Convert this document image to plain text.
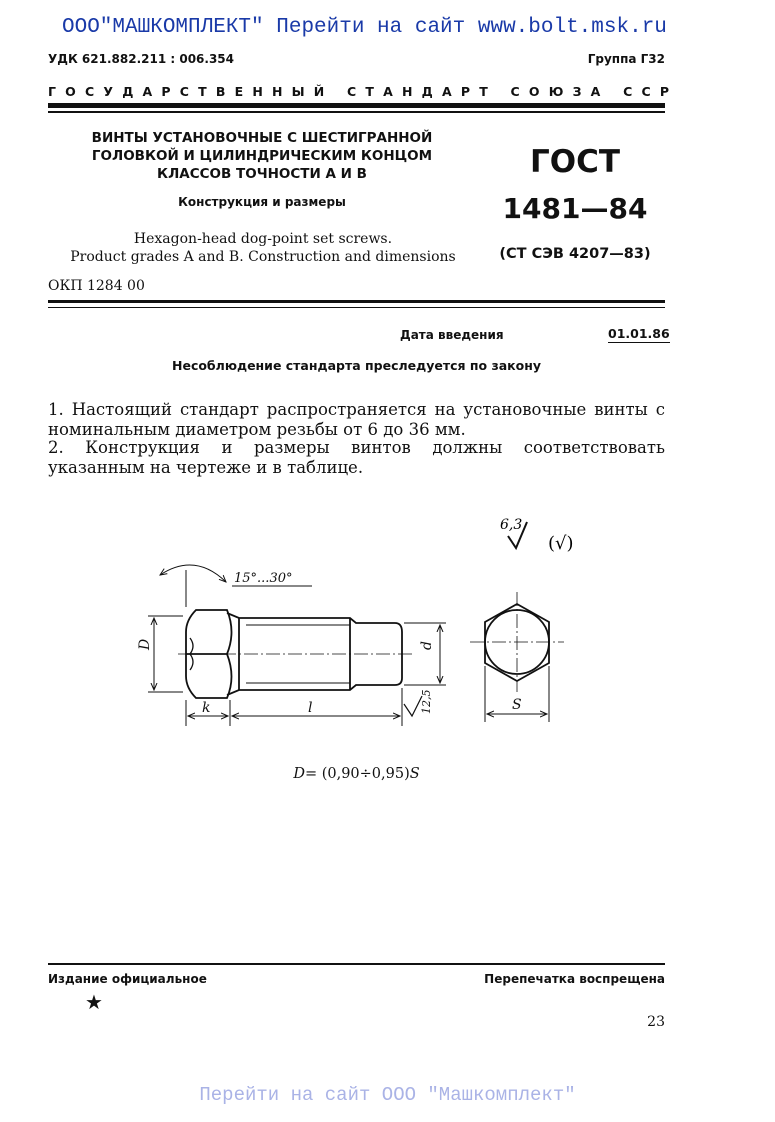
ООО"МАШКОМПЛЕКТ" Перейти на сайт www.bolt.msk.ru
УДК 621.882.211 : 006.354	Группа Г32
ГОСУДАРСТВЕННЫЙ СТАНДАРТ СОЮЗА ССР
ВИНТЫ УСТАНОВОЧНЫЕ С ШЕСТИГРАННОЙ
ГОЛОВКОЙ И ЦИЛИНДРИЧЕСКИМ КОНЦОМ
КЛАССОВ ТОЧНОСТИ А И В
Конструкция и размеры
Hexagon-head dog-point set screws.
Product grades A and B. Construction and dimensions
ГОСТ
1481—84
(СТ СЭВ 4207—83)
ОКП 1284 00
Дата введения	01.01.86
Несоблюдение стандарта преследуется по закону
1. Настоящий стандарт распространяется на установочные винты с номинальным диаметром резьбы от 6 до 36 мм.
2. Конструкция и размеры винтов должны соответствовать указанным на чертеже и в таблице.
6,3
(√)
15°...30°
D	d
k	l	12,5	S
D= (0,90÷0,95)S
Издание официальное	Перепечатка воспрещена
★
23
Перейти на сайт ООО "Машкомплект"
